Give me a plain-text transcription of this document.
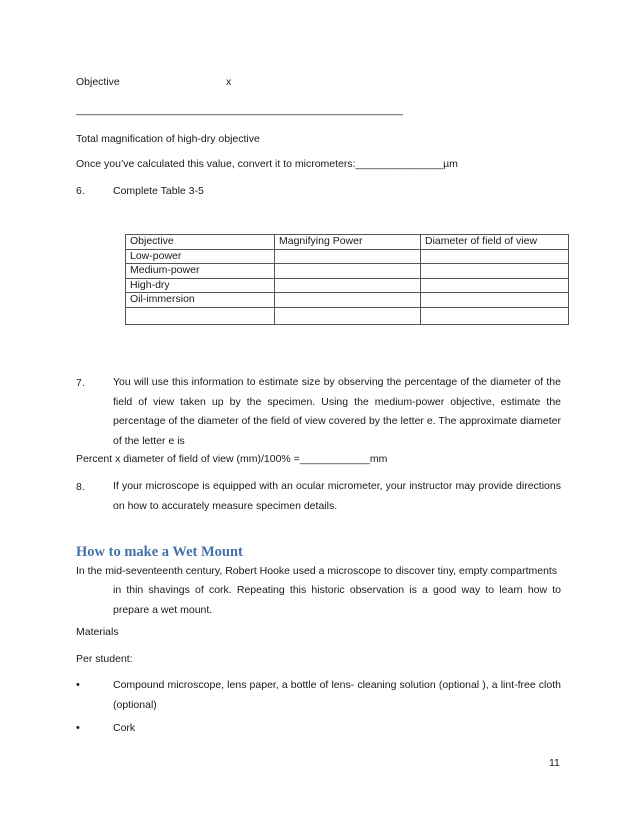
Objective	x
________________________________________________________
Total magnification of high-dry objective
Once you’ve calculated this value, convert it to micrometers:_______________µm
6.	Complete Table 3-5
Objective	Magnifying Power	Diameter of field of view
Low-power		
Medium-power		
High-dry		
Oil-immersion		

7.	You will use this information to estimate size by observing the percentage of the diameter of the field of view taken up by the specimen. Using the medium-power objective, estimate the percentage of the diameter of the field of view covered by the letter e. The approximate diameter of the letter e is
Percent x diameter of field of view (mm)/100% =____________mm
8.	If your microscope is equipped with an ocular micrometer, your instructor may provide directions on how to accurately measure specimen details.
How to make a Wet Mount
In the mid-seventeenth century, Robert Hooke used a microscope to discover tiny, empty compartments
in thin shavings of cork. Repeating this historic observation is a good way to learn how to prepare a wet mount.
Materials
Per student:
•	Compound microscope, lens paper, a bottle of lens- cleaning solution (optional ), a lint-free cloth (optional)
•	Cork
11
